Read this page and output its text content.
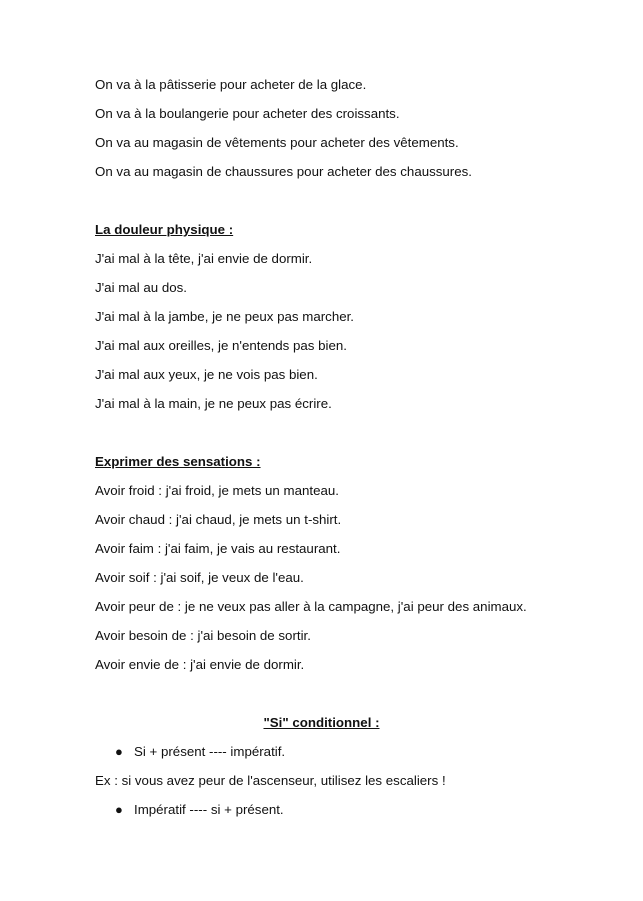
On va à la pâtisserie pour acheter de la glace.
On va à la boulangerie pour acheter des croissants.
On va au magasin de vêtements pour acheter des vêtements.
On va au magasin de chaussures pour acheter des chaussures.
La douleur physique :
J'ai mal à la tête, j'ai envie de dormir.
J'ai mal au dos.
J'ai mal à la jambe, je ne peux pas marcher.
J'ai mal aux oreilles, je n'entends pas bien.
J'ai mal aux yeux, je ne vois pas bien.
J'ai mal à la main, je ne peux pas écrire.
Exprimer des sensations :
Avoir froid : j'ai froid, je mets un manteau.
Avoir chaud : j'ai chaud, je mets un t-shirt.
Avoir faim : j'ai faim, je vais au restaurant.
Avoir soif : j'ai soif, je veux de l'eau.
Avoir peur de : je ne veux pas aller à la campagne, j'ai peur des animaux.
Avoir besoin de : j'ai besoin de sortir.
Avoir envie de : j'ai envie de dormir.
"Si" conditionnel :
● Si + présent ---- impératif.
Ex : si vous avez peur de l'ascenseur, utilisez les escaliers !
● Impératif ---- si + présent.
